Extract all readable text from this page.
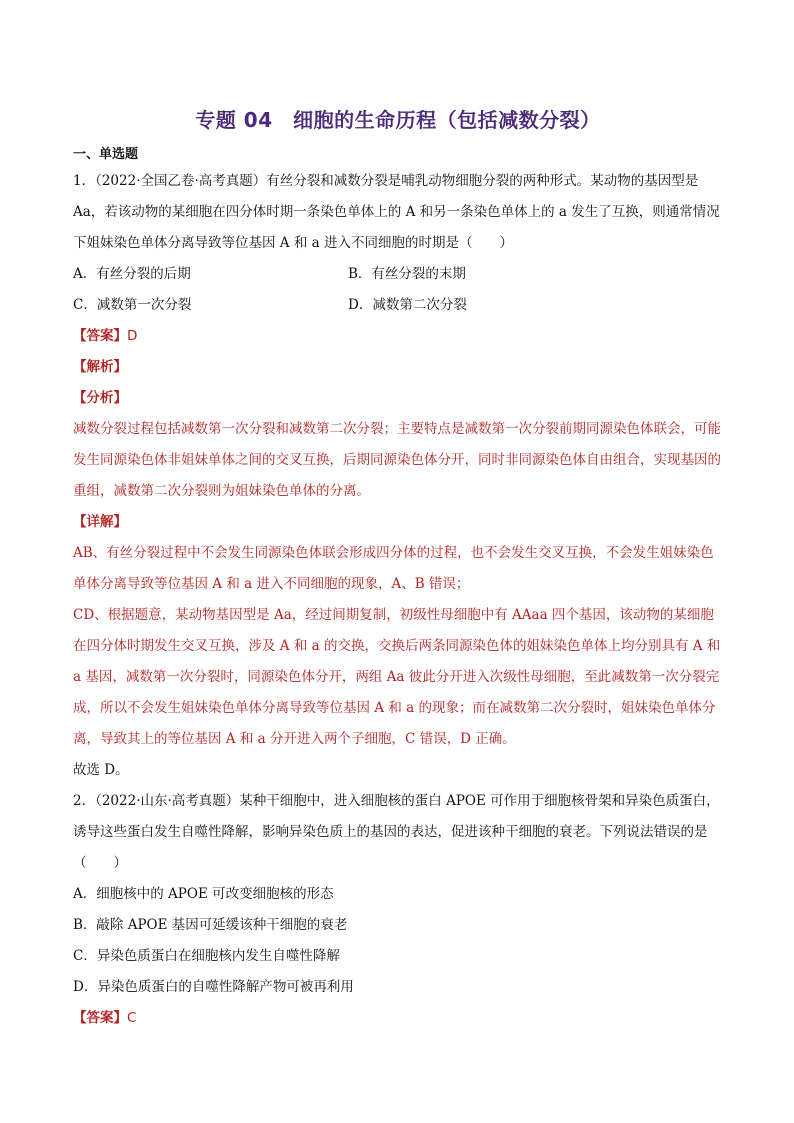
专题 04　细胞的生命历程（包括减数分裂）
一、单选题

1．（2022·全国乙卷·高考真题）有丝分裂和减数分裂是哺乳动物细胞分裂的两种形式。某动物的基因型是Aa，若该动物的某细胞在四分体时期一条染色单体上的 A 和另一条染色单体上的 a 发生了互换，则通常情况下姐妹染色单体分离导致等位基因 A 和 a 进入不同细胞的时期是（　　）

A．有丝分裂的后期	B．有丝分裂的末期
C．减数第一次分裂	D．减数第二次分裂

【答案】D

【解析】

【分析】

减数分裂过程包括减数第一次分裂和减数第二次分裂；主要特点是减数第一次分裂前期同源染色体联会，可能发生同源染色体非姐妹单体之间的交叉互换，后期同源染色体分开，同时非同源染色体自由组合，实现基因的重组，减数第二次分裂则为姐妹染色单体的分离。

【详解】

AB、有丝分裂过程中不会发生同源染色体联会形成四分体的过程，也不会发生交叉互换，不会发生姐妹染色单体分离导致等位基因 A 和 a 进入不同细胞的现象，A、B 错误；

CD、根据题意，某动物基因型是 Aa，经过间期复制，初级性母细胞中有 AAaa 四个基因，该动物的某细胞在四分体时期发生交叉互换，涉及 A 和 a 的交换，交换后两条同源染色体的姐妹染色单体上均分别具有 A 和 a 基因，减数第一次分裂时，同源染色体分开，两组 Aa 彼此分开进入次级性母细胞，至此减数第一次分裂完成，所以不会发生姐妹染色单体分离导致等位基因 A 和 a 的现象；而在减数第二次分裂时，姐妹染色单体分离，导致其上的等位基因 A 和 a 分开进入两个子细胞，C 错误，D 正确。

故选 D。

2．（2022·山东·高考真题）某种干细胞中，进入细胞核的蛋白 APOE 可作用于细胞核骨架和异染色质蛋白，诱导这些蛋白发生自噬性降解，影响异染色质上的基因的表达，促进该种干细胞的衰老。下列说法错误的是（　　）

A．细胞核中的 APOE 可改变细胞核的形态

B．敲除 APOE 基因可延缓该种干细胞的衰老

C．异染色质蛋白在细胞核内发生自噬性降解

D．异染色质蛋白的自噬性降解产物可被再利用

【答案】C
